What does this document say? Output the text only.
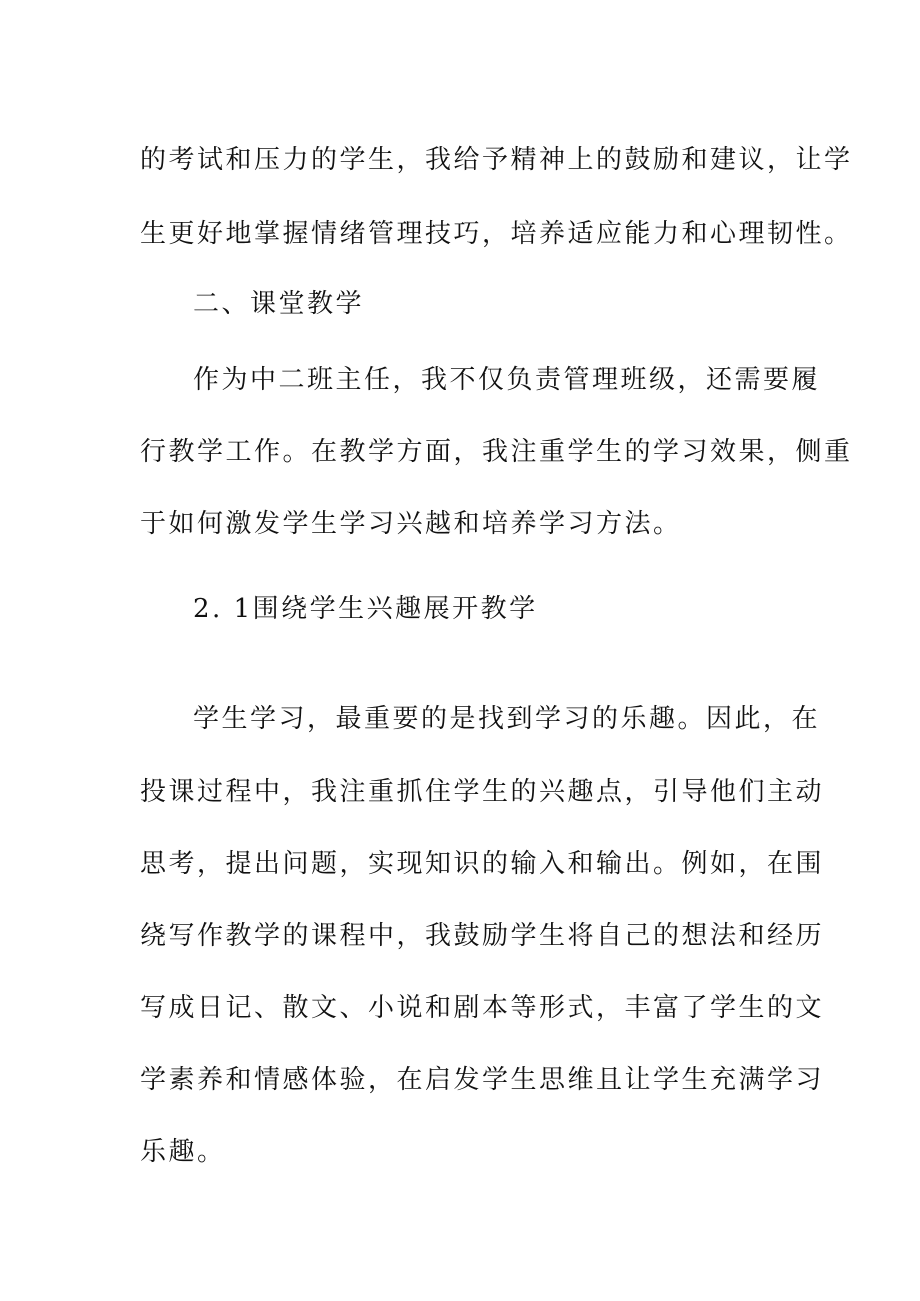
的考试和压力的学生，我给予精神上的鼓励和建议，让学
生更好地掌握情绪管理技巧，培养适应能力和心理韧性。
二、课堂教学
作为中二班主任，我不仅负责管理班级，还需要履
行教学工作。在教学方面，我注重学生的学习效果，侧重
于如何激发学生学习兴越和培养学习方法。
2. 1围绕学生兴趣展开教学
学生学习，最重要的是找到学习的乐趣。因此，在
投课过程中，我注重抓住学生的兴趣点，引导他们主动
思考，提出问题，实现知识的输入和输出。例如，在围
绕写作教学的课程中，我鼓励学生将自己的想法和经历
写成日记、散文、小说和剧本等形式，丰富了学生的文
学素养和情感体验，在启发学生思维且让学生充满学习
乐趣。
